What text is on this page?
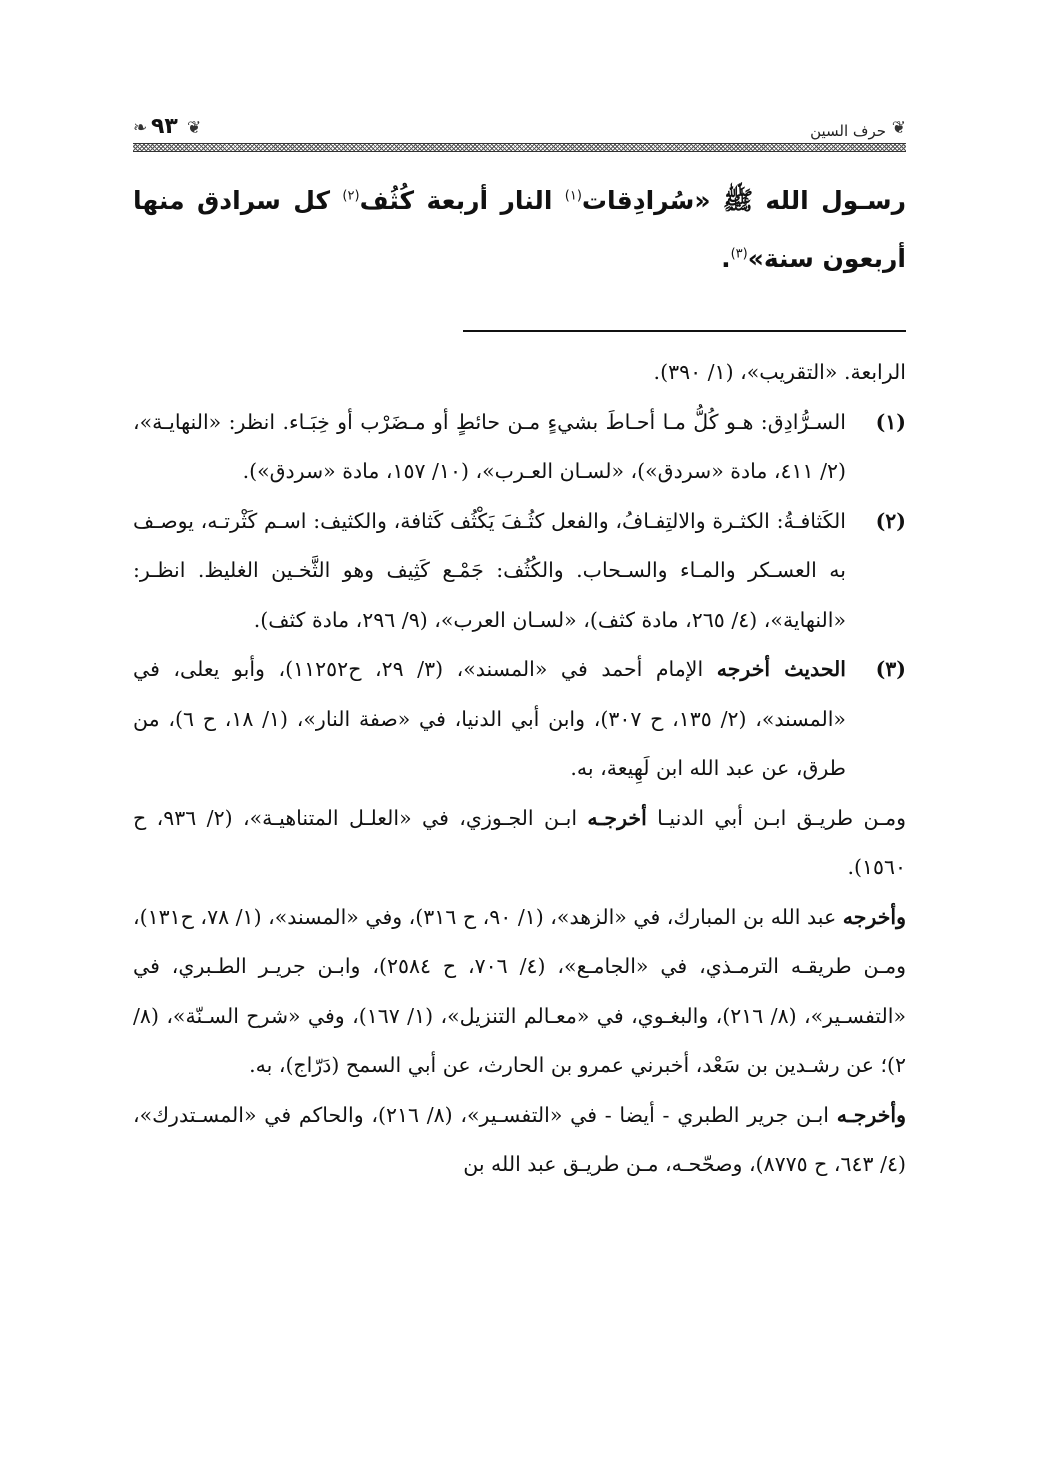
❦
حرف السين
❦
٩٣
❧
رسـول الله ﷺ «سُرادِقات$^{(١)}$ النار أربعة كُثُف$^{(٢)}$ كل سرادق منها أربعون سنة»$^{(٣)}$.
الرابعة. «التقريب»، (١/ ٣٩٠).
(١)

السـرُّادِق: هـو كُلُّ مـا أحـاطَ بشيءٍ مـن حائطٍ أو مـضَرْب أو خِبَـاء. انظر: «النهايـة»، (٢/ ٤١١، مادة «سردق»)، «لسـان العـرب»، (١٠/ ١٥٧، مادة «سردق»).

(٢)

الكَثافـةُ: الكثـرة والالتِفـافُ، والفعل كثُـفَ يَكْثُف كَثافة، والكثيف: اسـم كَثْرتـه، يوصـف به العسـكر والمـاء والسـحاب. والكُثُف: جَمْـع كَثِيف وهو الثَّخـين الغليظ. انظـر: «النهاية»، (٤/ ٢٦٥، مادة كثف)، «لسـان العرب»، (٩/ ٢٩٦، مادة كثف).

(٣)

الحديث أخرجه الإمام أحمد في «المسند»، (٣/ ٢٩، ح١١٢٥٢)، وأبو يعلى، في «المسند»، (٢/ ١٣٥، ح ٣٠٧)، وابن أبي الدنيا، في «صفة النار»، (١/ ١٨، ح ٦)، من طرق، عن عبد الله ابن لَهِيعة، به.

ومـن طريـق ابـن أبي الدنيـا أخرجـه ابـن الجـوزي، في «العلـل المتناهيـة»، (٢/ ٩٣٦، ح ١٥٦٠).

وأخرجه عبد الله بن المبارك، في «الزهد»، (١/ ٩٠، ح ٣١٦)، وفي «المسند»، (١/ ٧٨، ح١٣١)، ومـن طريقـه الترمـذي، في «الجامـع»، (٤/ ٧٠٦، ح ٢٥٨٤)، وابـن جريـر الطـبري، في «التفسـير»، (٨/ ٢١٦)، والبغـوي، في «معـالم التنزيل»، (١/ ١٦٧)، وفي «شرح السـنّة»، (٨/ ٢)؛ عن رشـدين بن سَعْد، أخبرني عمرو بن الحارث، عن أبي السمح (دَرّاج)، به.

وأخرجـه ابـن جرير الطبري - أيضا - في «التفسـير»، (٨/ ٢١٦)، والحاكم في «المسـتدرك»، (٤/ ٦٤٣، ح ٨٧٧٥)، وصحّحـه، مـن طريـق عبد الله بن
